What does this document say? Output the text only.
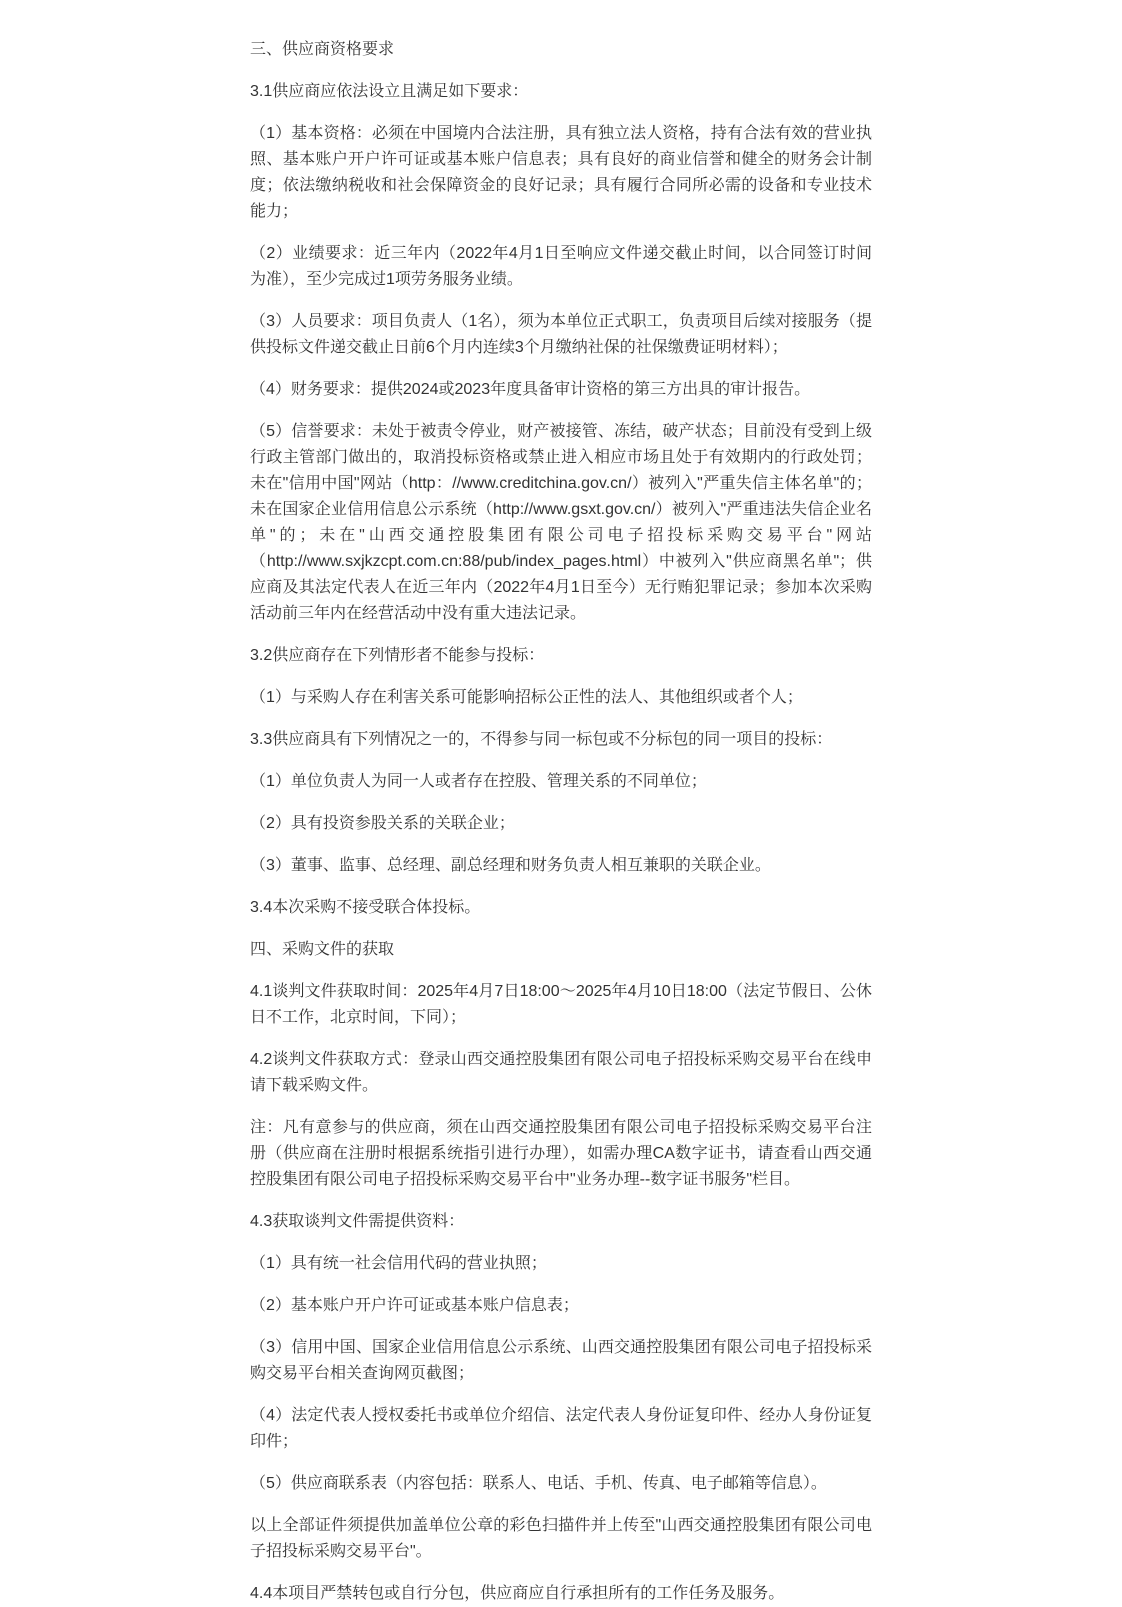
三、供应商资格要求

3.1供应商应依法设立且满足如下要求：

（1）基本资格：必须在中国境内合法注册，具有独立法人资格，持有合法有效的营业执照、基本账户开户许可证或基本账户信息表；具有良好的商业信誉和健全的财务会计制度；依法缴纳税收和社会保障资金的良好记录；具有履行合同所必需的设备和专业技术能力；

（2）业绩要求：近三年内（2022年4月1日至响应文件递交截止时间，以合同签订时间为准），至少完成过1项劳务服务业绩。

（3）人员要求：项目负责人（1名），须为本单位正式职工，负责项目后续对接服务（提供投标文件递交截止日前6个月内连续3个月缴纳社保的社保缴费证明材料）；

（4）财务要求：提供2024或2023年度具备审计资格的第三方出具的审计报告。

（5）信誉要求：未处于被责令停业，财产被接管、冻结，破产状态；目前没有受到上级行政主管部门做出的，取消投标资格或禁止进入相应市场且处于有效期内的行政处罚；未在"信用中国"网站（http：//www.creditchina.gov.cn/）被列入"严重失信主体名单"的；未在国家企业信用信息公示系统（http://www.gsxt.gov.cn/）被列入"严重违法失信企业名单"的；未在"山西交通控股集团有限公司电子招投标采购交易平台"网站（http://www.sxjkzcpt.com.cn:88/pub/index_pages.html）中被列入"供应商黑名单"；供应商及其法定代表人在近三年内（2022年4月1日至今）无行贿犯罪记录；参加本次采购活动前三年内在经营活动中没有重大违法记录。

3.2供应商存在下列情形者不能参与投标：

（1）与采购人存在利害关系可能影响招标公正性的法人、其他组织或者个人；

3.3供应商具有下列情况之一的，不得参与同一标包或不分标包的同一项目的投标：

（1）单位负责人为同一人或者存在控股、管理关系的不同单位；

（2）具有投资参股关系的关联企业；

（3）董事、监事、总经理、副总经理和财务负责人相互兼职的关联企业。

3.4本次采购不接受联合体投标。

四、采购文件的获取

4.1谈判文件获取时间：2025年4月7日18:00～2025年4月10日18:00（法定节假日、公休日不工作，北京时间，下同）；

4.2谈判文件获取方式：登录山西交通控股集团有限公司电子招投标采购交易平台在线申请下载采购文件。

注：凡有意参与的供应商，须在山西交通控股集团有限公司电子招投标采购交易平台注册（供应商在注册时根据系统指引进行办理），如需办理CA数字证书，请查看山西交通控股集团有限公司电子招投标采购交易平台中"业务办理--数字证书服务"栏目。

4.3获取谈判文件需提供资料：

（1）具有统一社会信用代码的营业执照；

（2）基本账户开户许可证或基本账户信息表；

（3）信用中国、国家企业信用信息公示系统、山西交通控股集团有限公司电子招投标采购交易平台相关查询网页截图；

（4）法定代表人授权委托书或单位介绍信、法定代表人身份证复印件、经办人身份证复印件；

（5）供应商联系表（内容包括：联系人、电话、手机、传真、电子邮箱等信息）。

以上全部证件须提供加盖单位公章的彩色扫描件并上传至"山西交通控股集团有限公司电子招投标采购交易平台"。

4.4本项目严禁转包或自行分包，供应商应自行承担所有的工作任务及服务。
